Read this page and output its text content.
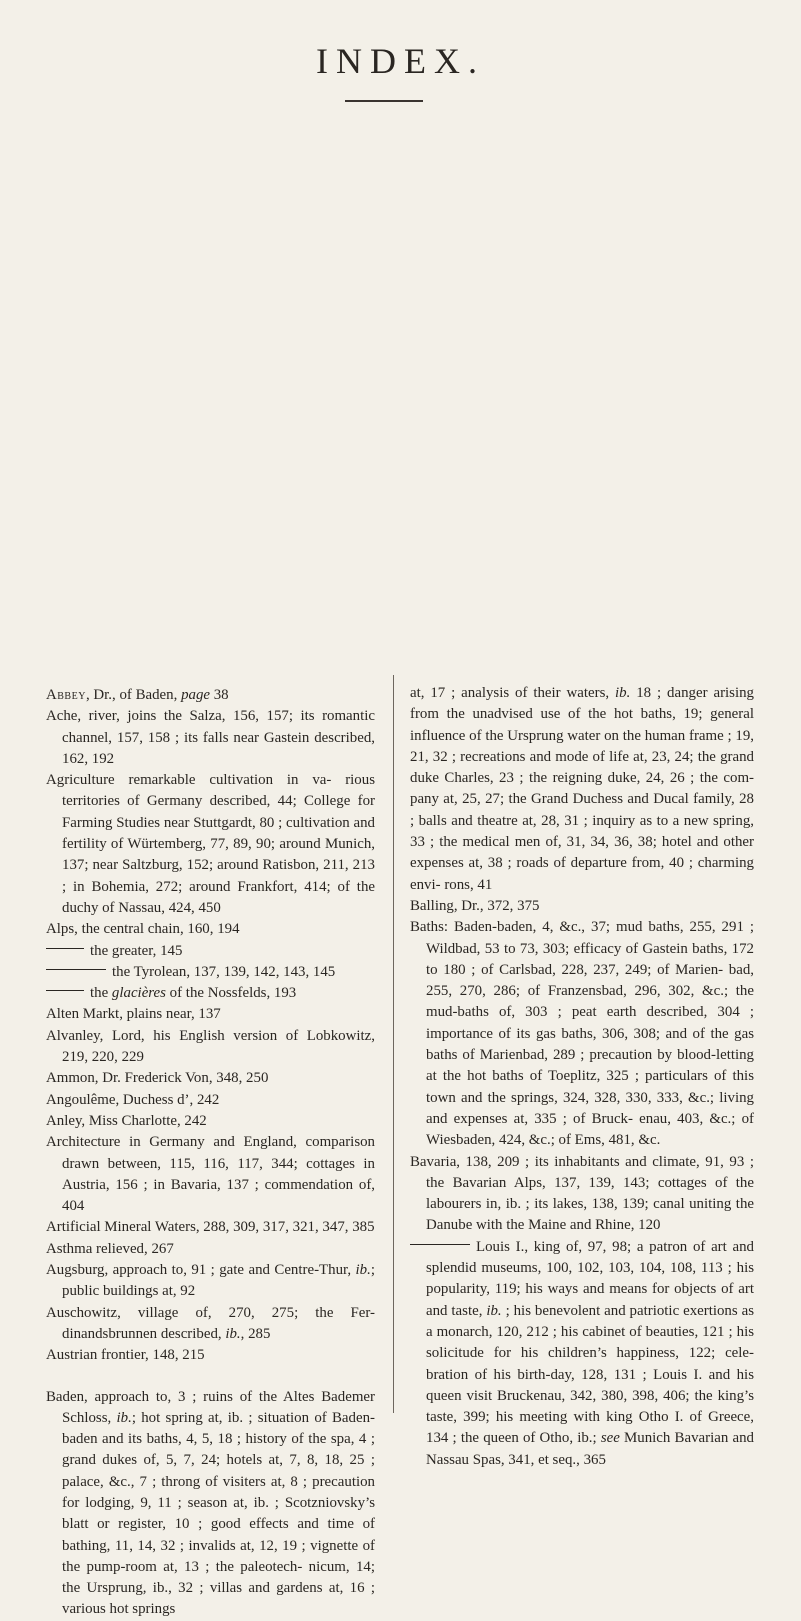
INDEX.

Abbey, Dr., of Baden, page 38

Ache, river, joins the Salza, 156, 157; its romantic channel, 157, 158 ; its falls near Gastein described, 162, 192

Agriculture remarkable cultivation in va- rious territories of Germany described, 44; College for Farming Studies near Stuttgardt, 80 ; cultivation and fertility of Würtemberg, 77, 89, 90; around Munich, 137; near Saltzburg, 152; around Ratisbon, 211, 213 ; in Bohemia, 272; around Frankfort, 414; of the duchy of Nassau, 424, 450

Alps, the central chain, 160, 194

the greater, 145

the Tyrolean, 137, 139, 142, 143, 145

the glacières of the Nossfelds, 193

Alten Markt, plains near, 137

Alvanley, Lord, his English version of Lobkowitz, 219, 220, 229

Ammon, Dr. Frederick Von, 348, 250

Angoulême, Duchess d’, 242

Anley, Miss Charlotte, 242

Architecture in Germany and England, comparison drawn between, 115, 116, 117, 344; cottages in Austria, 156 ; in Bavaria, 137 ; commendation of, 404

Artificial Mineral Waters, 288, 309, 317, 321, 347, 385

Asthma relieved, 267

Augsburg, approach to, 91 ; gate and Centre-Thur, ib.; public buildings at, 92

Auschowitz, village of, 270, 275; the Fer- dinandsbrunnen described, ib., 285

Austrian frontier, 148, 215

Baden, approach to, 3 ; ruins of the Altes Bademer Schloss, ib.; hot spring at, ib. ; situation of Baden-baden and its baths, 4, 5, 18 ; history of the spa, 4 ; grand dukes of, 5, 7, 24; hotels at, 7, 8, 18, 25 ; palace, &c., 7 ; throng of visiters at, 8 ; precaution for lodging, 9, 11 ; season at, ib. ; Scotzniovsky’s blatt or register, 10 ; good effects and time of bathing, 11, 14, 32 ; invalids at, 12, 19 ; vignette of the pump-room at, 13 ; the paleotech- nicum, 14; the Ursprung, ib., 32 ; villas and gardens at, 16 ; various hot springs

at, 17 ; analysis of their waters, ib. 18 ; danger arising from the unadvised use of the hot baths, 19; general influence of the Ursprung water on the human frame ; 19, 21, 32 ; recreations and mode of life at, 23, 24; the grand duke Charles, 23 ; the reigning duke, 24, 26 ; the com- pany at, 25, 27; the Grand Duchess and Ducal family, 28 ; balls and theatre at, 28, 31 ; inquiry as to a new spring, 33 ; the medical men of, 31, 34, 36, 38; hotel and other expenses at, 38 ; roads of departure from, 40 ; charming envi- rons, 41

Balling, Dr., 372, 375

Baths: Baden-baden, 4, &c., 37; mud baths, 255, 291 ; Wildbad, 53 to 73, 303; efficacy of Gastein baths, 172 to 180 ; of Carlsbad, 228, 237, 249; of Marien- bad, 255, 270, 286; of Franzensbad, 296, 302, &c.; the mud-baths of, 303 ; peat earth described, 304 ; importance of its gas baths, 306, 308; and of the gas baths of Marienbad, 289 ; precaution by blood-letting at the hot baths of Toeplitz, 325 ; particulars of this town and the springs, 324, 328, 330, 333, &c.; living and expenses at, 335 ; of Bruck- enau, 403, &c.; of Wiesbaden, 424, &c.; of Ems, 481, &c.

Bavaria, 138, 209 ; its inhabitants and climate, 91, 93 ; the Bavarian Alps, 137, 139, 143; cottages of the labourers in, ib. ; its lakes, 138, 139; canal uniting the Danube with the Maine and Rhine, 120

Louis I., king of, 97, 98; a patron of art and splendid museums, 100, 102, 103, 104, 108, 113 ; his popularity, 119; his ways and means for objects of art and taste, ib. ; his benevolent and patriotic exertions as a monarch, 120, 212 ; his cabinet of beauties, 121 ; his solicitude for his children’s happiness, 122; cele- bration of his birth-day, 128, 131 ; Louis I. and his queen visit Bruckenau, 342, 380, 398, 406; the king’s taste, 399; his meeting with king Otho I. of Greece, 134 ; the queen of Otho, ib.; see Munich Bavarian and Nassau Spas, 341, et seq., 365
